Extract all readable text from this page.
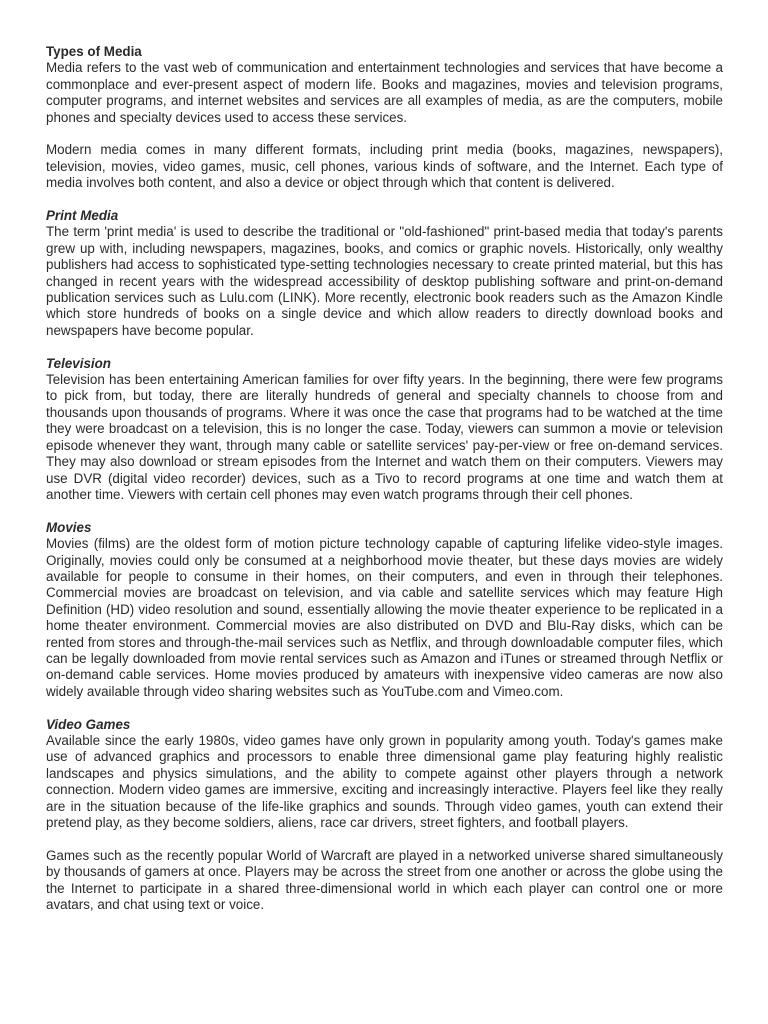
Types of Media

Media refers to the vast web of communication and entertainment technologies and services that have become a commonplace and ever-present aspect of modern life. Books and magazines, movies and television programs, computer programs, and internet websites and services are all examples of media, as are the computers, mobile phones and specialty devices used to access these services.

Modern media comes in many different formats, including print media (books, magazines, newspapers), television, movies, video games, music, cell phones, various kinds of software, and the Internet. Each type of media involves both content, and also a device or object through which that content is delivered.

Print Media

The term 'print media' is used to describe the traditional or "old-fashioned" print-based media that today's parents grew up with, including newspapers, magazines, books, and comics or graphic novels. Historically, only wealthy publishers had access to sophisticated type-setting technologies necessary to create printed material, but this has changed in recent years with the widespread accessibility of desktop publishing software and print-on-demand publication services such as Lulu.com (LINK). More recently, electronic book readers such as the Amazon Kindle which store hundreds of books on a single device and which allow readers to directly download books and newspapers have become popular.

Television

Television has been entertaining American families for over fifty years. In the beginning, there were few programs to pick from, but today, there are literally hundreds of general and specialty channels to choose from and thousands upon thousands of programs. Where it was once the case that programs had to be watched at the time they were broadcast on a television, this is no longer the case. Today, viewers can summon a movie or television episode whenever they want, through many cable or satellite services' pay-per-view or free on-demand services. They may also download or stream episodes from the Internet and watch them on their computers. Viewers may use DVR (digital video recorder) devices, such as a Tivo to record programs at one time and watch them at another time. Viewers with certain cell phones may even watch programs through their cell phones.

Movies

Movies (films) are the oldest form of motion picture technology capable of capturing lifelike video-style images. Originally, movies could only be consumed at a neighborhood movie theater, but these days movies are widely available for people to consume in their homes, on their computers, and even in through their telephones. Commercial movies are broadcast on television, and via cable and satellite services which may feature High Definition (HD) video resolution and sound, essentially allowing the movie theater experience to be replicated in a home theater environment. Commercial movies are also distributed on DVD and Blu-Ray disks, which can be rented from stores and through-the-mail services such as Netflix, and through downloadable computer files, which can be legally downloaded from movie rental services such as Amazon and iTunes or streamed through Netflix or on-demand cable services. Home movies produced by amateurs with inexpensive video cameras are now also widely available through video sharing websites such as YouTube.com and Vimeo.com.

Video Games

Available since the early 1980s, video games have only grown in popularity among youth. Today's games make use of advanced graphics and processors to enable three dimensional game play featuring highly realistic landscapes and physics simulations, and the ability to compete against other players through a network connection. Modern video games are immersive, exciting and increasingly interactive. Players feel like they really are in the situation because of the life-like graphics and sounds. Through video games, youth can extend their pretend play, as they become soldiers, aliens, race car drivers, street fighters, and football players.

Games such as the recently popular World of Warcraft are played in a networked universe shared simultaneously by thousands of gamers at once. Players may be across the street from one another or across the globe using the the Internet to participate in a shared three-dimensional world in which each player can control one or more avatars, and chat using text or voice.
